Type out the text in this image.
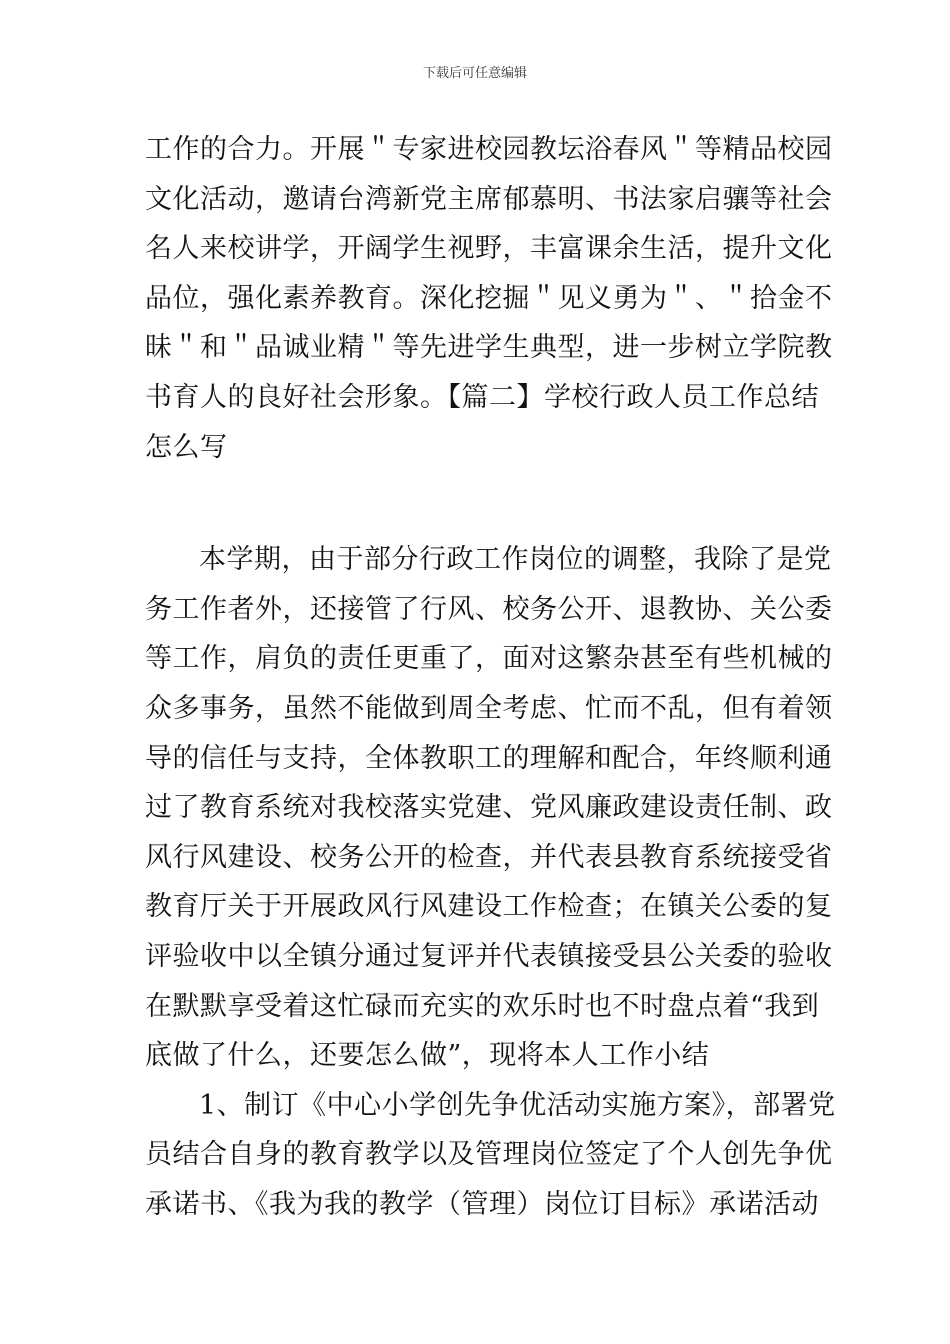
下载后可任意编辑
工作的合力。开展＂专家进校园教坛浴春风＂等精品校园
文化活动，邀请台湾新党主席郁慕明、书法家启骧等社会
名人来校讲学，开阔学生视野，丰富课余生活，提升文化
品位，强化素养教育。深化挖掘＂见义勇为＂、＂拾金不
昧＂和＂品诚业精＂等先进学生典型，进一步树立学院教
书育人的良好社会形象。【篇二】学校行政人员工作总结
怎么写
本学期，由于部分行政工作岗位的调整，我除了是党
务工作者外，还接管了行风、校务公开、退教协、关公委
等工作，肩负的责任更重了，面对这繁杂甚至有些机械的
众多事务，虽然不能做到周全考虑、忙而不乱，但有着领
导的信任与支持，全体教职工的理解和配合，年终顺利通
过了教育系统对我校落实党建、党风廉政建设责任制、政
风行风建设、校务公开的检查，并代表县教育系统接受省
教育厅关于开展政风行风建设工作检查；在镇关公委的复
评验收中以全镇分通过复评并代表镇接受县公关委的验收
在默默享受着这忙碌而充实的欢乐时也不时盘点着“我到
底做了什么，还要怎么做”，现将本人工作小结
1、制订《中心小学创先争优活动实施方案》，部署党
员结合自身的教育教学以及管理岗位签定了个人创先争优
承诺书、《我为我的教学（管理）岗位订目标》承诺活动
